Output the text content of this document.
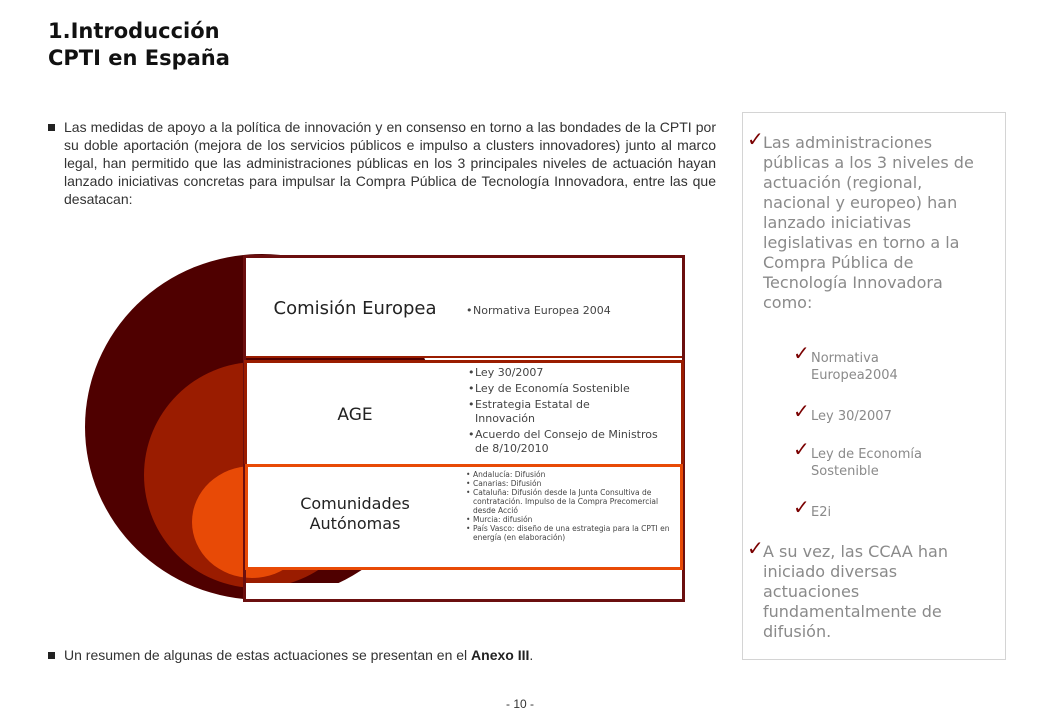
1.Introducción
CPTI en España
Las medidas de apoyo a la política de innovación y en consenso en torno a las bondades de la CPTI por su doble aportación (mejora de los servicios públicos e impulso a clusters innovadores) junto al marco legal, han permitido que las administraciones públicas en los 3 principales niveles de actuación hayan lanzado iniciativas concretas para impulsar la Compra Pública de Tecnología Innovadora, entre las que desatacan:
Comisión Europea
•	Normativa Europea 2004
AGE
• Ley 30/2007
• Ley de Economía Sostenible
• Estrategia Estatal de Innovación
• Acuerdo del Consejo de Ministros de 8/10/2010
Comunidades Autónomas
• Andalucía: Difusión
• Canarias: Difusión
• Cataluña: Difusión desde la Junta Consultiva de contratación. Impulso de la Compra Precomercial desde Acció
• Murcia: difusión
• País Vasco: diseño de una estrategia para la CPTI en energía (en elaboración)
Un resumen de algunas de estas actuaciones se presentan en el Anexo III.
✓ Las administraciones públicas a los 3 niveles de actuación (regional, nacional y europeo) han lanzado iniciativas legislativas en torno a la Compra Pública de Tecnología Innovadora como:
✓ Normativa Europea2004
✓ Ley 30/2007
✓ Ley de Economía Sostenible
✓ E2i
✓ A su vez, las CCAA han iniciado diversas actuaciones fundamentalmente de difusión.
- 10 -
